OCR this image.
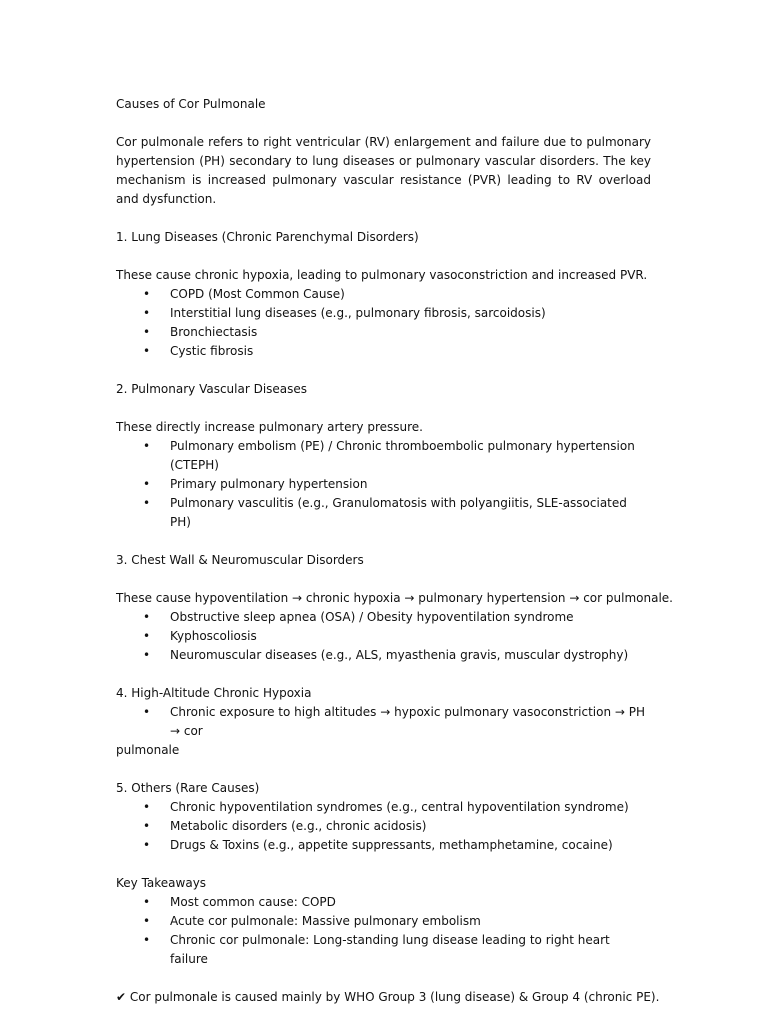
Causes of Cor Pulmonale
Cor pulmonale refers to right ventricular (RV) enlargement and failure due to pulmonary hypertension (PH) secondary to lung diseases or pulmonary vascular disorders. The key mechanism is increased pulmonary vascular resistance (PVR) leading to RV overload and dysfunction.
1. Lung Diseases (Chronic Parenchymal Disorders)
These cause chronic hypoxia, leading to pulmonary vasoconstriction and increased PVR.
• COPD (Most Common Cause)
• Interstitial lung diseases (e.g., pulmonary fibrosis, sarcoidosis)
• Bronchiectasis
• Cystic fibrosis
2. Pulmonary Vascular Diseases
These directly increase pulmonary artery pressure.
• Pulmonary embolism (PE) / Chronic thromboembolic pulmonary hypertension (CTEPH)
• Primary pulmonary hypertension
• Pulmonary vasculitis (e.g., Granulomatosis with polyangiitis, SLE-associated PH)
3. Chest Wall & Neuromuscular Disorders
These cause hypoventilation → chronic hypoxia → pulmonary hypertension → cor pulmonale.
• Obstructive sleep apnea (OSA) / Obesity hypoventilation syndrome
• Kyphoscoliosis
• Neuromuscular diseases (e.g., ALS, myasthenia gravis, muscular dystrophy)
4. High-Altitude Chronic Hypoxia
• Chronic exposure to high altitudes → hypoxic pulmonary vasoconstriction → PH → cor
pulmonale
5. Others (Rare Causes)
• Chronic hypoventilation syndromes (e.g., central hypoventilation syndrome)
• Metabolic disorders (e.g., chronic acidosis)
• Drugs & Toxins (e.g., appetite suppressants, methamphetamine, cocaine)
Key Takeaways
• Most common cause: COPD
• Acute cor pulmonale: Massive pulmonary embolism
• Chronic cor pulmonale: Long-standing lung disease leading to right heart failure
✔ Cor pulmonale is caused mainly by WHO Group 3 (lung disease) & Group 4 (chronic PE).
